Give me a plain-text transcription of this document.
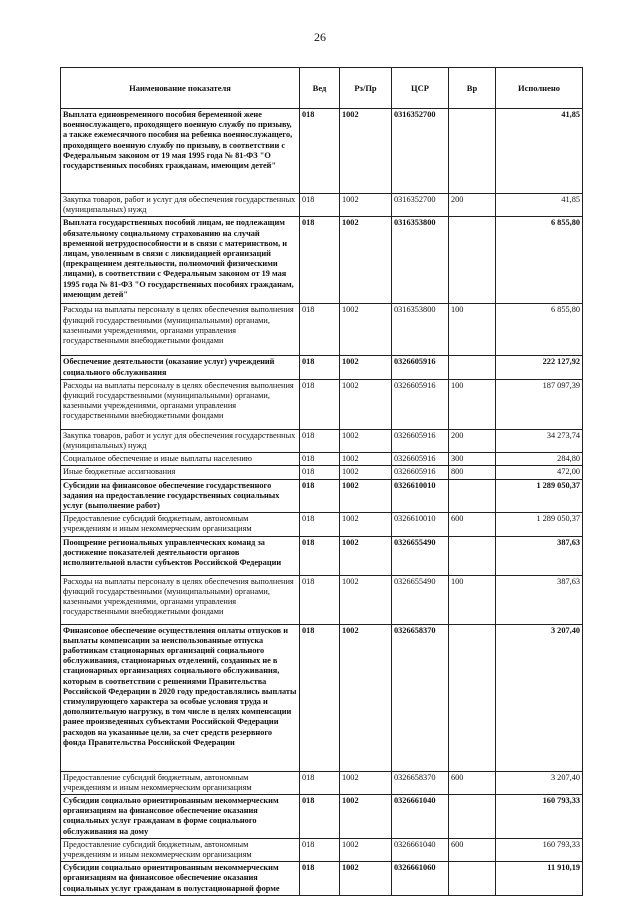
26
Наименование показателя	Вед	Рз/Пр	ЦСР	Вр	Исполнено
Выплата единовременного пособия беременной жене военнослужащего, проходящего военную службу по призыву, а также ежемесячного пособия на ребенка военнослужащего, проходящего военную службу по призыву, в соответствии с Федеральным законом от 19 мая 1995 года № 81-ФЗ "О государственных пособиях гражданам, имеющим детей"	018	1002	0316352700		41,85
Закупка товаров, работ и услуг для обеспечения государственных (муниципальных) нужд	018	1002	0316352700	200	41,85
Выплата государственных пособий лицам, не подлежащим обязательному социальному страхованию на случай временной нетрудоспособности и в связи с материнством, и лицам, уволенным в связи с ликвидацией организаций (прекращением деятельности, полномочий физическими лицами), в соответствии с Федеральным законом от 19 мая 1995 года № 81-ФЗ "О государственных пособиях гражданам, имеющим детей"	018	1002	0316353800		6 855,80
Расходы на выплаты персоналу в целях обеспечения выполнения функций государственными (муниципальными) органами, казенными учреждениями, органами управления государственными внебюджетными фондами	018	1002	0316353800	100	6 855,80
Обеспечение деятельности (оказание услуг) учреждений социального обслуживания	018	1002	0326605916		222 127,92
Расходы на выплаты персоналу в целях обеспечения выполнения функций государственными (муниципальными) органами, казенными учреждениями, органами управления государственными внебюджетными фондами	018	1002	0326605916	100	187 097,39
Закупка товаров, работ и услуг для обеспечения государственных (муниципальных) нужд	018	1002	0326605916	200	34 273,74
Социальное обеспечение и иные выплаты населению	018	1002	0326605916	300	284,80
Иные бюджетные ассигнования	018	1002	0326605916	800	472,00
Субсидии на финансовое обеспечение государственного задания на предоставление государственных социальных услуг (выполнение работ)	018	1002	0326610010		1 289 050,37
Предоставление субсидий бюджетным, автономным учреждениям и иным некоммерческим организациям	018	1002	0326610010	600	1 289 050,37
Поощрение региональных управленческих команд за достижение показателей деятельности органов исполнительной власти субъектов Российской Федерации	018	1002	0326655490		387,63
Расходы на выплаты персоналу в целях обеспечения выполнения функций государственными (муниципальными) органами, казенными учреждениями, органами управления государственными внебюджетными фондами	018	1002	0326655490	100	387,63
Финансовое обеспечение осуществления оплаты отпусков и выплаты компенсации за неиспользованные отпуска работникам стационарных организаций социального обслуживания, стационарных отделений, созданных не в стационарных организациях социального обслуживания, которым в соответствии с решениями Правительства Российской Федерации в 2020 году предоставлялись выплаты стимулирующего характера за особые условия труда и дополнительную нагрузку, в том числе в целях компенсации ранее произведенных субъектами Российской Федерации расходов на указанные цели, за счет средств резервного фонда Правительства Российской Федерации	018	1002	0326658370		3 207,40
Предоставление субсидий бюджетным, автономным учреждениям и иным некоммерческим организациям	018	1002	0326658370	600	3 207,40
Субсидии социально ориентированным некоммерческим организациям на финансовое обеспечение оказания социальных услуг гражданам в форме социального обслуживания на дому	018	1002	0326661040		160 793,33
Предоставление субсидий бюджетным, автономным учреждениям и иным некоммерческим организациям	018	1002	0326661040	600	160 793,33
Субсидии социально ориентированным некоммерческим организациям на финансовое обеспечение оказания социальных услуг гражданам в полустационарной форме	018	1002	0326661060		11 910,19
